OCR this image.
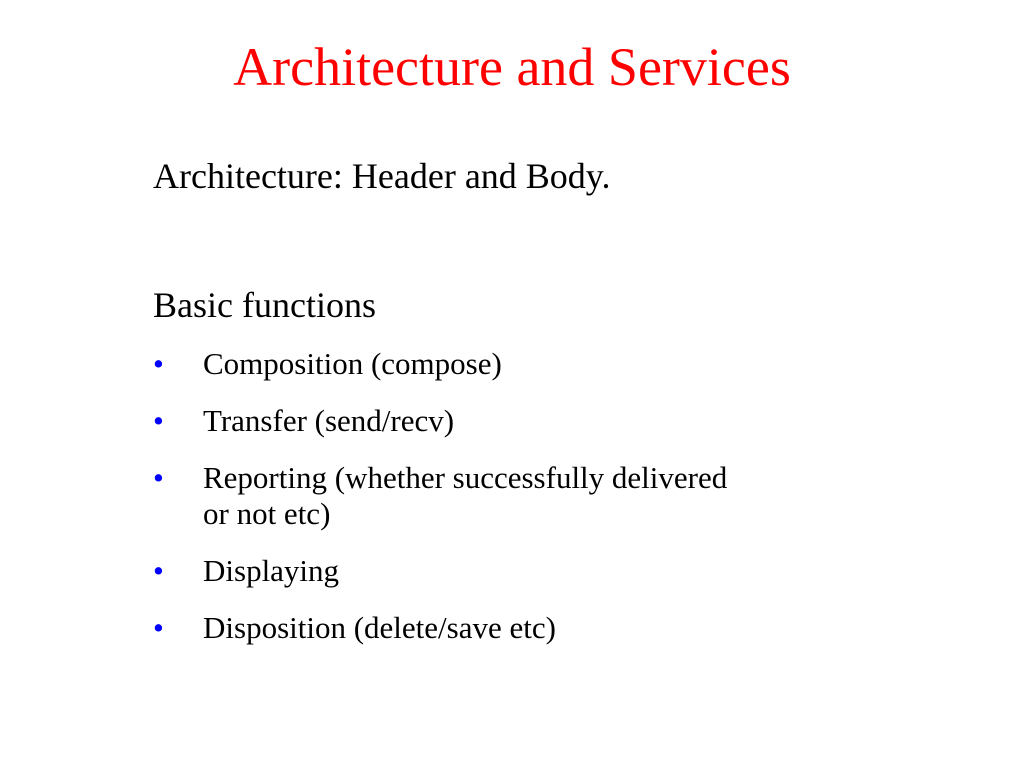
Architecture and Services

Architecture: Header and Body.

Basic functions

• Composition (compose)
• Transfer (send/recv)
• Reporting (whether successfully delivered or not etc)
• Displaying
• Disposition (delete/save etc)
